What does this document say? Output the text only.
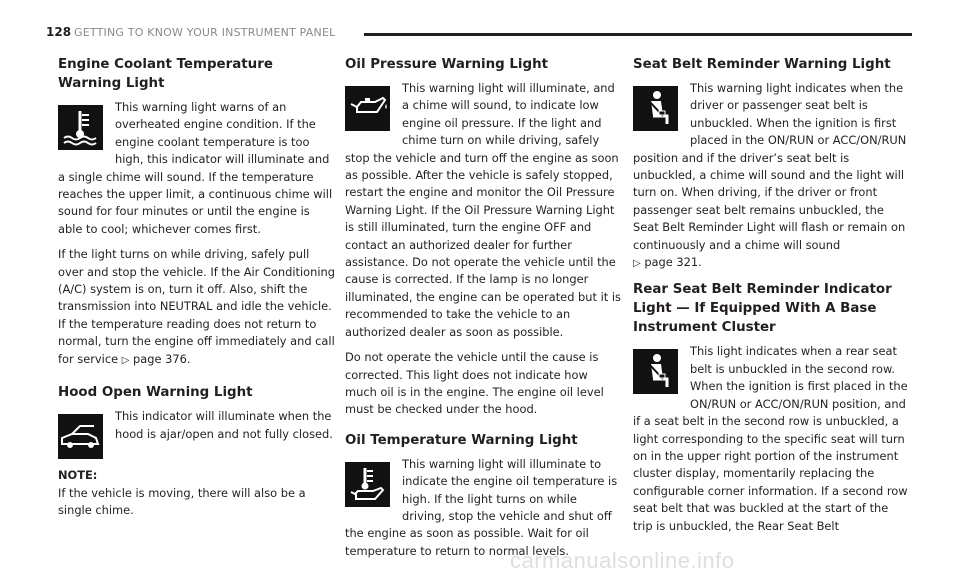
128 GETTING TO KNOW YOUR INSTRUMENT PANEL
Engine Coolant Temperature Warning Light

This warning light warns of an overheated engine condition. If the engine coolant temperature is too high, this indicator will illuminate and a single chime will sound. If the temperature reaches the upper limit, a continuous chime will sound for four minutes or until the engine is able to cool; whichever comes first.

If the light turns on while driving, safely pull over and stop the vehicle. If the Air Conditioning (A/C) system is on, turn it off. Also, shift the transmission into NEUTRAL and idle the vehicle. If the temperature reading does not return to normal, turn the engine off immediately and call for service ▷ page 376.

Hood Open Warning Light

This indicator will illuminate when the hood is ajar/open and not fully closed.

NOTE:

If the vehicle is moving, there will also be a single chime.

Oil Pressure Warning Light

This warning light will illuminate, and a chime will sound, to indicate low engine oil pressure. If the light and chime turn on while driving, safely stop the vehicle and turn off the engine as soon as possible. After the vehicle is safely stopped, restart the engine and monitor the Oil Pressure Warning Light. If the Oil Pressure Warning Light is still illuminated, turn the engine OFF and contact an authorized dealer for further assistance. Do not operate the vehicle until the cause is corrected. If the lamp is no longer illuminated, the engine can be operated but it is recommended to take the vehicle to an authorized dealer as soon as possible.

Do not operate the vehicle until the cause is corrected. This light does not indicate how much oil is in the engine. The engine oil level must be checked under the hood.

Oil Temperature Warning Light

This warning light will illuminate to indicate the engine oil temperature is high. If the light turns on while driving, stop the vehicle and shut off the engine as soon as possible. Wait for oil temperature to return to normal levels.

Seat Belt Reminder Warning Light

This warning light indicates when the driver or passenger seat belt is unbuckled. When the ignition is first placed in the ON/RUN or ACC/ON/RUN position and if the driver’s seat belt is unbuckled, a chime will sound and the light will turn on. When driving, if the driver or front passenger seat belt remains unbuckled, the Seat Belt Reminder Light will flash or remain on continuously and a chime will sound
▷ page 321.

Rear Seat Belt Reminder Indicator Light — If Equipped With A Base Instrument Cluster

This light indicates when a rear seat belt is unbuckled in the second row. When the ignition is first placed in the ON/RUN or ACC/ON/RUN position, and if a seat belt in the second row is unbuckled, a light corresponding to the specific seat will turn on in the upper right portion of the instrument cluster display, momentarily replacing the configurable corner information. If a second row seat belt that was buckled at the start of the trip is unbuckled, the Rear Seat Belt

carmanualsonline.info
